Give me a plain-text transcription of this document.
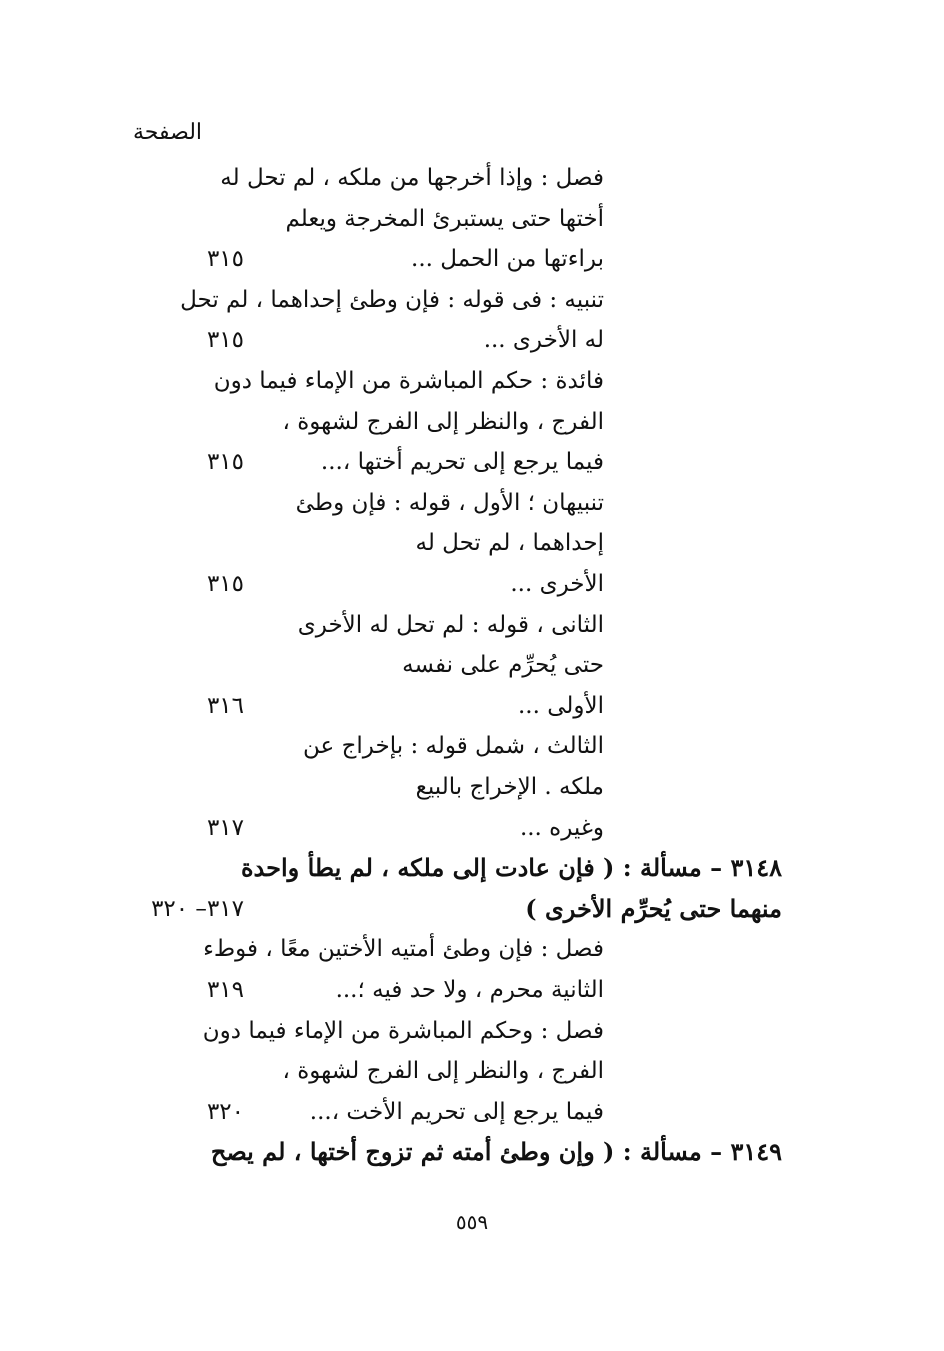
الصفحة
فصل : وإذا أخرجها من ملكه ، لم تحل له
أختها حتى يستبرئ المخرجة ويعلم
براءتها من الحمل ...
٣١٥
تنبيه : فى قوله : فإن وطئ إحداهما ، لم تحل
له الأخرى ...
٣١٥
فائدة : حكم المباشرة من الإماء فيما دون
الفرج ، والنظر إلى الفرج لشهوة ،
فيما يرجع إلى تحريم أختها ،...
٣١٥
تنبيهان ؛ الأول ، قوله : فإن وطئ
إحداهما ، لم تحل له
الأخرى ...
٣١٥
الثانى ، قوله : لم تحل له الأخرى
حتى يُحرِّم على نفسه
الأولى ...
٣١٦
الثالث ، شمل قوله : بإخراج عن
ملكه . الإخراج بالبيع
وغيره ...
٣١٧
٣١٤٨ – مسألة : ( فإن عادت إلى ملكه ، لم يطأ واحدة
منهما حتى يُحرِّم الأخرى )
٣١٧– ٣٢٠
فصل : فإن وطئ أمتيه الأختين معًا ، فوطء
الثانية محرم ، ولا حد فيه ؛...
٣١٩
فصل : وحكم المباشرة من الإماء فيما دون
الفرج ، والنظر إلى الفرج لشهوة ،
فيما يرجع إلى تحريم الأخت ،...
٣٢٠
٣١٤٩ – مسألة : ( وإن وطئ أمته ثم تزوج أختها ، لم يصح
٥٥٩
